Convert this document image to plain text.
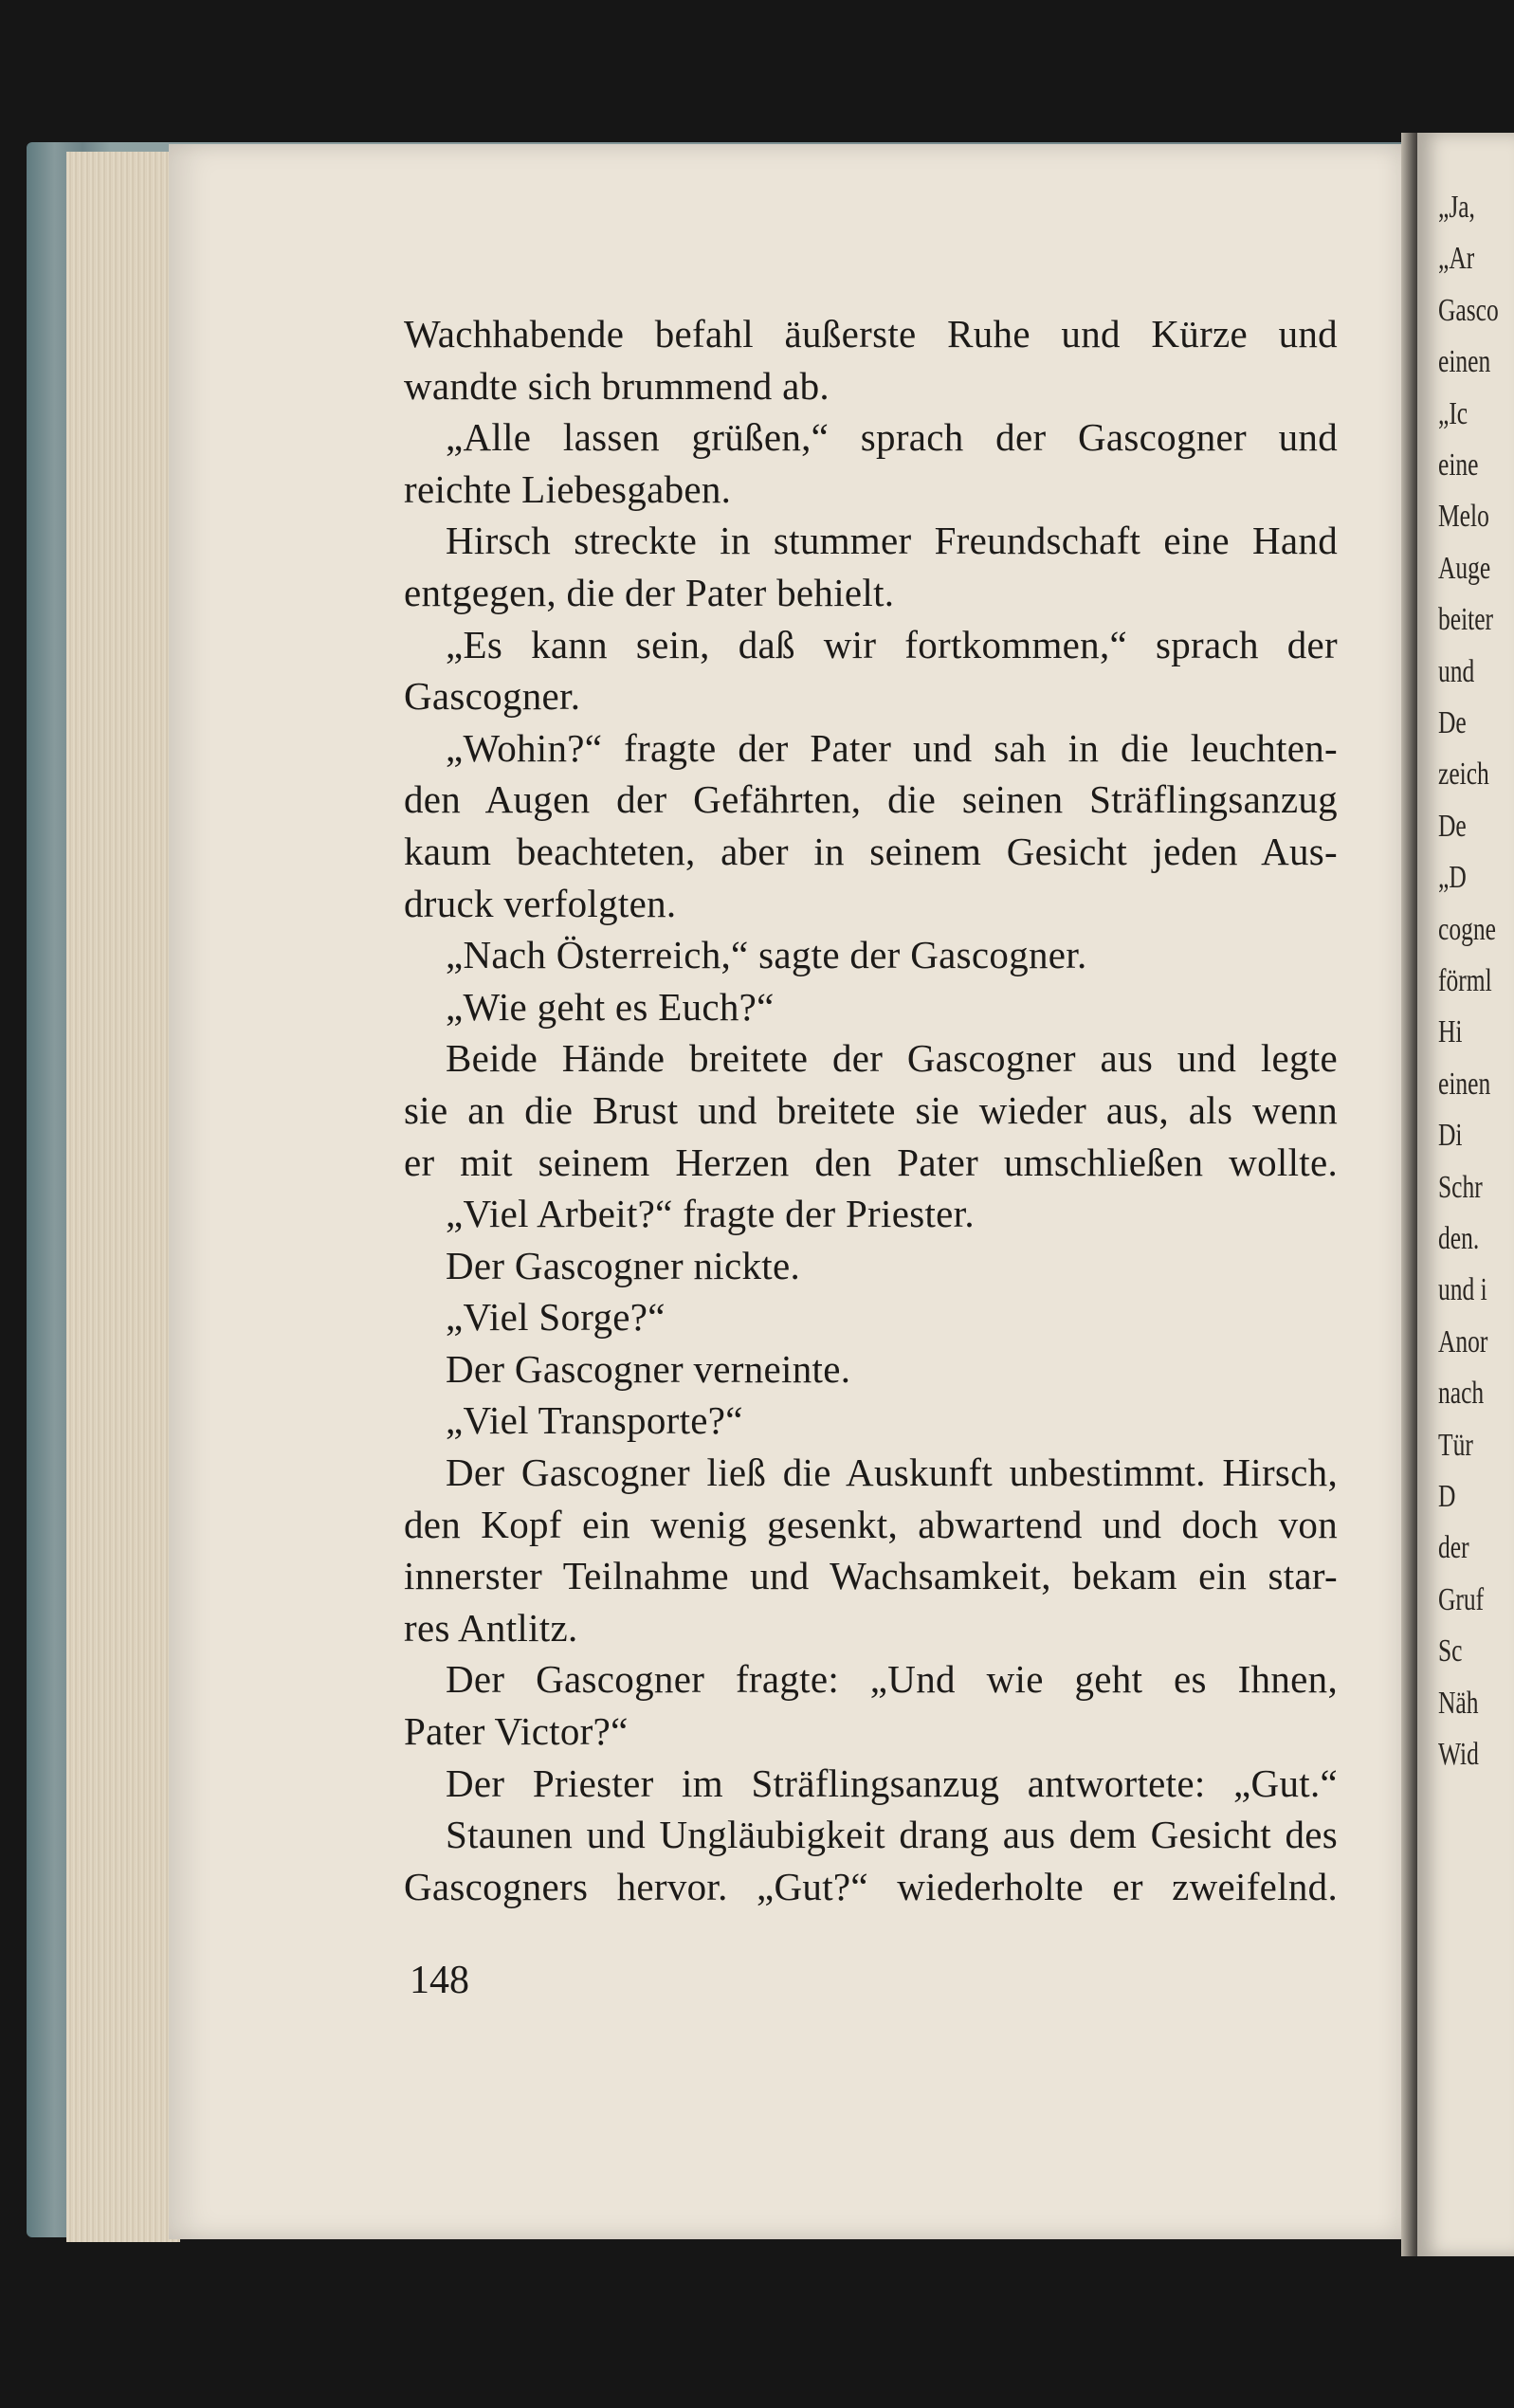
„Ja,
„Ar
Gasco
einen
„Ic
eine
Melo
Auge
beiter
und
De
zeich
De
„D
cogne
förml
Hi
einen
Di
Schr
den.
und i
Anor
nach
Tür
D
der
Gruf
Sc
Näh
Wid
Wachhabende befahl äußerste Ruhe und Kürze und
wandte sich brummend ab.
„Alle lassen grüßen,“ sprach der Gascogner und
reichte Liebesgaben.
Hirsch streckte in stummer Freundschaft eine Hand
entgegen, die der Pater behielt.
„Es kann sein, daß wir fortkommen,“ sprach der
Gascogner.
„Wohin?“ fragte der Pater und sah in die leuchten-
den Augen der Gefährten, die seinen Sträflingsanzug
kaum beachteten, aber in seinem Gesicht jeden Aus-
druck verfolgten.
„Nach Österreich,“ sagte der Gascogner.
„Wie geht es Euch?“
Beide Hände breitete der Gascogner aus und legte
sie an die Brust und breitete sie wieder aus, als wenn
er mit seinem Herzen den Pater umschließen wollte.
„Viel Arbeit?“ fragte der Priester.
Der Gascogner nickte.
„Viel Sorge?“
Der Gascogner verneinte.
„Viel Transporte?“
Der Gascogner ließ die Auskunft unbestimmt. Hirsch,
den Kopf ein wenig gesenkt, abwartend und doch von
innerster Teilnahme und Wachsamkeit, bekam ein star-
res Antlitz.
Der Gascogner fragte: „Und wie geht es Ihnen,
Pater Victor?“
Der Priester im Sträflingsanzug antwortete: „Gut.“
Staunen und Ungläubigkeit drang aus dem Gesicht des
Gascogners hervor. „Gut?“ wiederholte er zweifelnd.
148
